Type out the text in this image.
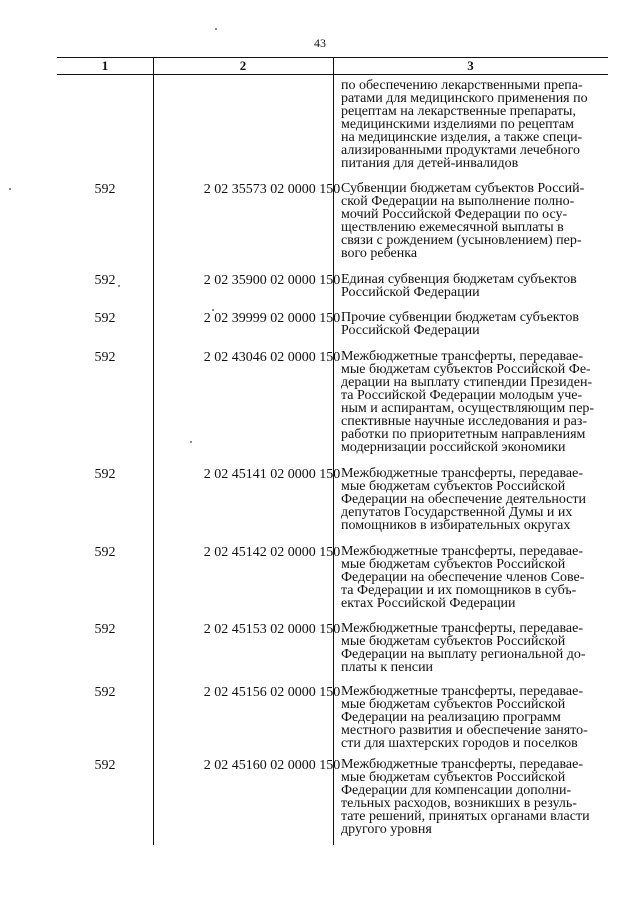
43
1	2	3
по обеспечению лекарственными препа-
ратами для медицинского применения по
рецептам на лекарственные препараты,
медицинскими изделиями по рецептам
на медицинские изделия, а также специ-
ализированными продуктами лечебного
питания для детей-инвалидов
592	2 02 35573 02 0000 150 Субвенции бюджетам субъектов Россий-
ской Федерации на выполнение полно-
мочий Российской Федерации по осу-
ществлению ежемесячной выплаты в
связи с рождением (усыновлением) пер-
вого ребенка
592	2 02 35900 02 0000 150 Единая субвенция бюджетам субъектов
Российской Федерации
592	2 02 39999 02 0000 150 Прочие субвенции бюджетам субъектов
Российской Федерации
592	2 02 43046 02 0000 150 Межбюджетные трансферты, передавае-
мые бюджетам субъектов Российской Фе-
дерации на выплату стипендии Президен-
та Российской Федерации молодым уче-
ным и аспирантам, осуществляющим пер-
спективные научные исследования и раз-
работки по приоритетным направлениям
модернизации российской экономики
592	2 02 45141 02 0000 150 Межбюджетные трансферты, передавае-
мые бюджетам субъектов Российской
Федерации на обеспечение деятельности
депутатов Государственной Думы и их
помощников в избирательных округах
592	2 02 45142 02 0000 150 Межбюджетные трансферты, передавае-
мые бюджетам субъектов Российской
Федерации на обеспечение членов Сове-
та Федерации и их помощников в субъ-
ектах Российской Федерации
592	2 02 45153 02 0000 150 Межбюджетные трансферты, передавае-
мые бюджетам субъектов Российской
Федерации на выплату региональной до-
платы к пенсии
592	2 02 45156 02 0000 150 Межбюджетные трансферты, передавае-
мые бюджетам субъектов Российской
Федерации на реализацию программ
местного развития и обеспечение занято-
сти для шахтерских городов и поселков
592	2 02 45160 02 0000 150 Межбюджетные трансферты, передавае-
мые бюджетам субъектов Российской
Федерации для компенсации дополни-
тельных расходов, возникших в резуль-
тате решений, принятых органами власти
другого уровня
